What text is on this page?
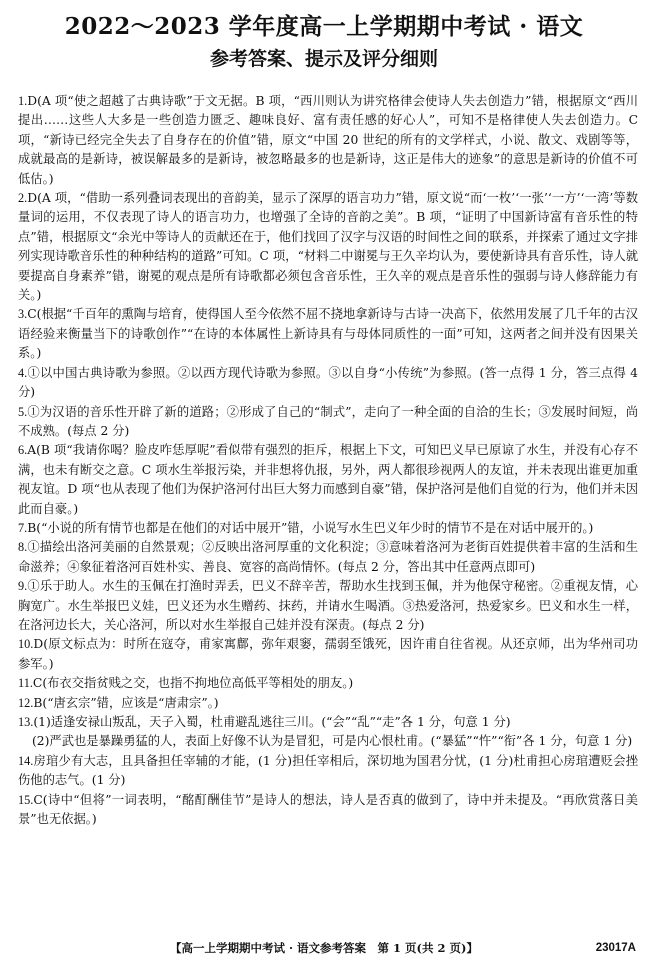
2022～2023 学年度高一上学期期中考试 · 语文
参考答案、提示及评分细则

1.D(A 项“使之超越了古典诗歌”于文无据。B 项，“西川则认为讲究格律会使诗人失去创造力”错，根据原文“西川提出……这些人大多是一些创造力匮乏、趣味良好、富有责任感的好心人”，可知不是格律使人失去创造力。C 项，“新诗已经完全失去了自身存在的价值”错，原文“中国 20 世纪的所有的文学样式，小说、散文、戏剧等等，成就最高的是新诗，被误解最多的是新诗，被忽略最多的也是新诗，这正是伟大的迹象”的意思是新诗的价值不可低估。)

2.D(A 项，“借助一系列叠词表现出的音韵美，显示了深厚的语言功力”错，原文说“而‘一枚’‘一张’‘一方’‘一湾’等数量词的运用，不仅表现了诗人的语言功力，也增强了全诗的音韵之美”。B 项，“证明了中国新诗富有音乐性的特点”错，根据原文“余光中等诗人的贡献还在于，他们找回了汉字与汉语的时间性之间的联系，并探索了通过文字排列实现诗歌音乐性的种种结构的道路”可知。C 项，“材料二中谢冕与王久辛均认为，要使新诗具有音乐性，诗人就要提高自身素养”错，谢冕的观点是所有诗歌都必须包含音乐性，王久辛的观点是音乐性的强弱与诗人修辞能力有关。)

3.C(根据“千百年的熏陶与培育，使得国人至今依然不屈不挠地拿新诗与古诗一决高下，依然用发展了几千年的古汉语经验来衡量当下的诗歌创作”“在诗的本体属性上新诗具有与母体同质性的一面”可知，这两者之间并没有因果关系。)

4.①以中国古典诗歌为参照。②以西方现代诗歌为参照。③以自身“小传统”为参照。(答一点得 1 分，答三点得 4 分)

5.①为汉语的音乐性开辟了新的道路；②形成了自己的“制式”，走向了一种全面的自洽的生长；③发展时间短，尚不成熟。(每点 2 分)

6.A(B 项“我请你喝？脸皮咋恁厚呢”看似带有强烈的拒斥，根据上下文，可知巴义早已原谅了水生，并没有心存不满，也未有断交之意。C 项水生举报污染，并非想将仇报，另外，两人都很珍视两人的友谊，并未表现出谁更加重视友谊。D 项“也从表现了他们为保护洛河付出巨大努力而感到自豪”错，保护洛河是他们自觉的行为，他们并未因此而自豪。)

7.B(“小说的所有情节也都是在他们的对话中展开”错，小说写水生巴义年少时的情节不是在对话中展开的。)

8.①描绘出洛河美丽的自然景观；②反映出洛河厚重的文化积淀；③意味着洛河为老街百姓提供着丰富的生活和生命滋养；④象征着洛河百姓朴实、善良、宽容的高尚情怀。(每点 2 分，答出其中任意两点即可)

9.①乐于助人。水生的玉佩在打渔时弄丢，巴义不辞辛苦，帮助水生找到玉佩，并为他保守秘密。②重视友情，心胸宽广。水生举报巴义娃，巴义还为水生赠药、抹药，并请水生喝酒。③热爱洛河，热爱家乡。巴义和水生一样，在洛河边长大，关心洛河，所以对水生举报自己娃并没有深责。(每点 2 分)

10.D(原文标点为：时所在寇夺，甫家寓鄜，弥年艰窭，孺弱至饿死，因许甫自往省视。从还京师，出为华州司功参军。)

11.C(布衣交指贫贱之交，也指不拘地位高低平等相处的朋友。)

12.B(“唐玄宗”错，应该是“唐肃宗”。)

13.(1)适逢安禄山叛乱，天子入蜀，杜甫避乱逃往三川。(“会”“乱”“走”各 1 分，句意 1 分)

(2)严武也是暴躁勇猛的人，表面上好像不认为是冒犯，可是内心恨杜甫。(“暴猛”“忤”“衔”各 1 分，句意 1 分)

14.房琯少有大志，且具备担任宰辅的才能，(1 分)担任宰相后，深切地为国君分忧，(1 分)杜甫担心房琯遭贬会挫伤他的志气。(1 分)

15.C(诗中“但将”一词表明，“酩酊酬佳节”是诗人的想法，诗人是否真的做到了，诗中并未提及。“再欣赏落日美景”也无依据。)

【高一上学期期中考试 · 语文参考答案　第 1 页(共 2 页)】	23017A
